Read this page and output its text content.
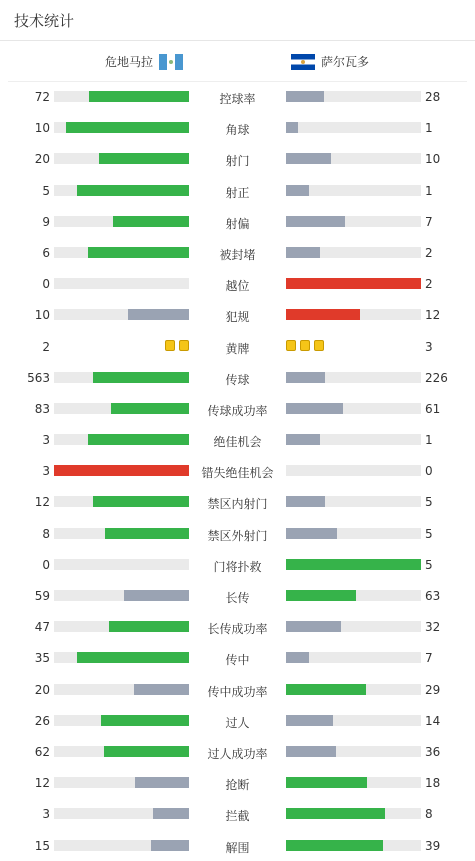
技术统计
危地马拉	萨尔瓦多
72	控球率	28
10	角球	1
20	射门	10
5	射正	1
9	射偏	7
6	被封堵	2
0	越位	2
10	犯规	12
2	黄牌	3
563	传球	226
83	传球成功率	61
3	绝佳机会	1
3	错失绝佳机会	0
12	禁区内射门	5
8	禁区外射门	5
0	门将扑救	5
59	长传	63
47	长传成功率	32
35	传中	7
20	传中成功率	29
26	过人	14
62	过人成功率	36
12	抢断	18
3	拦截	8
15	解围	39
